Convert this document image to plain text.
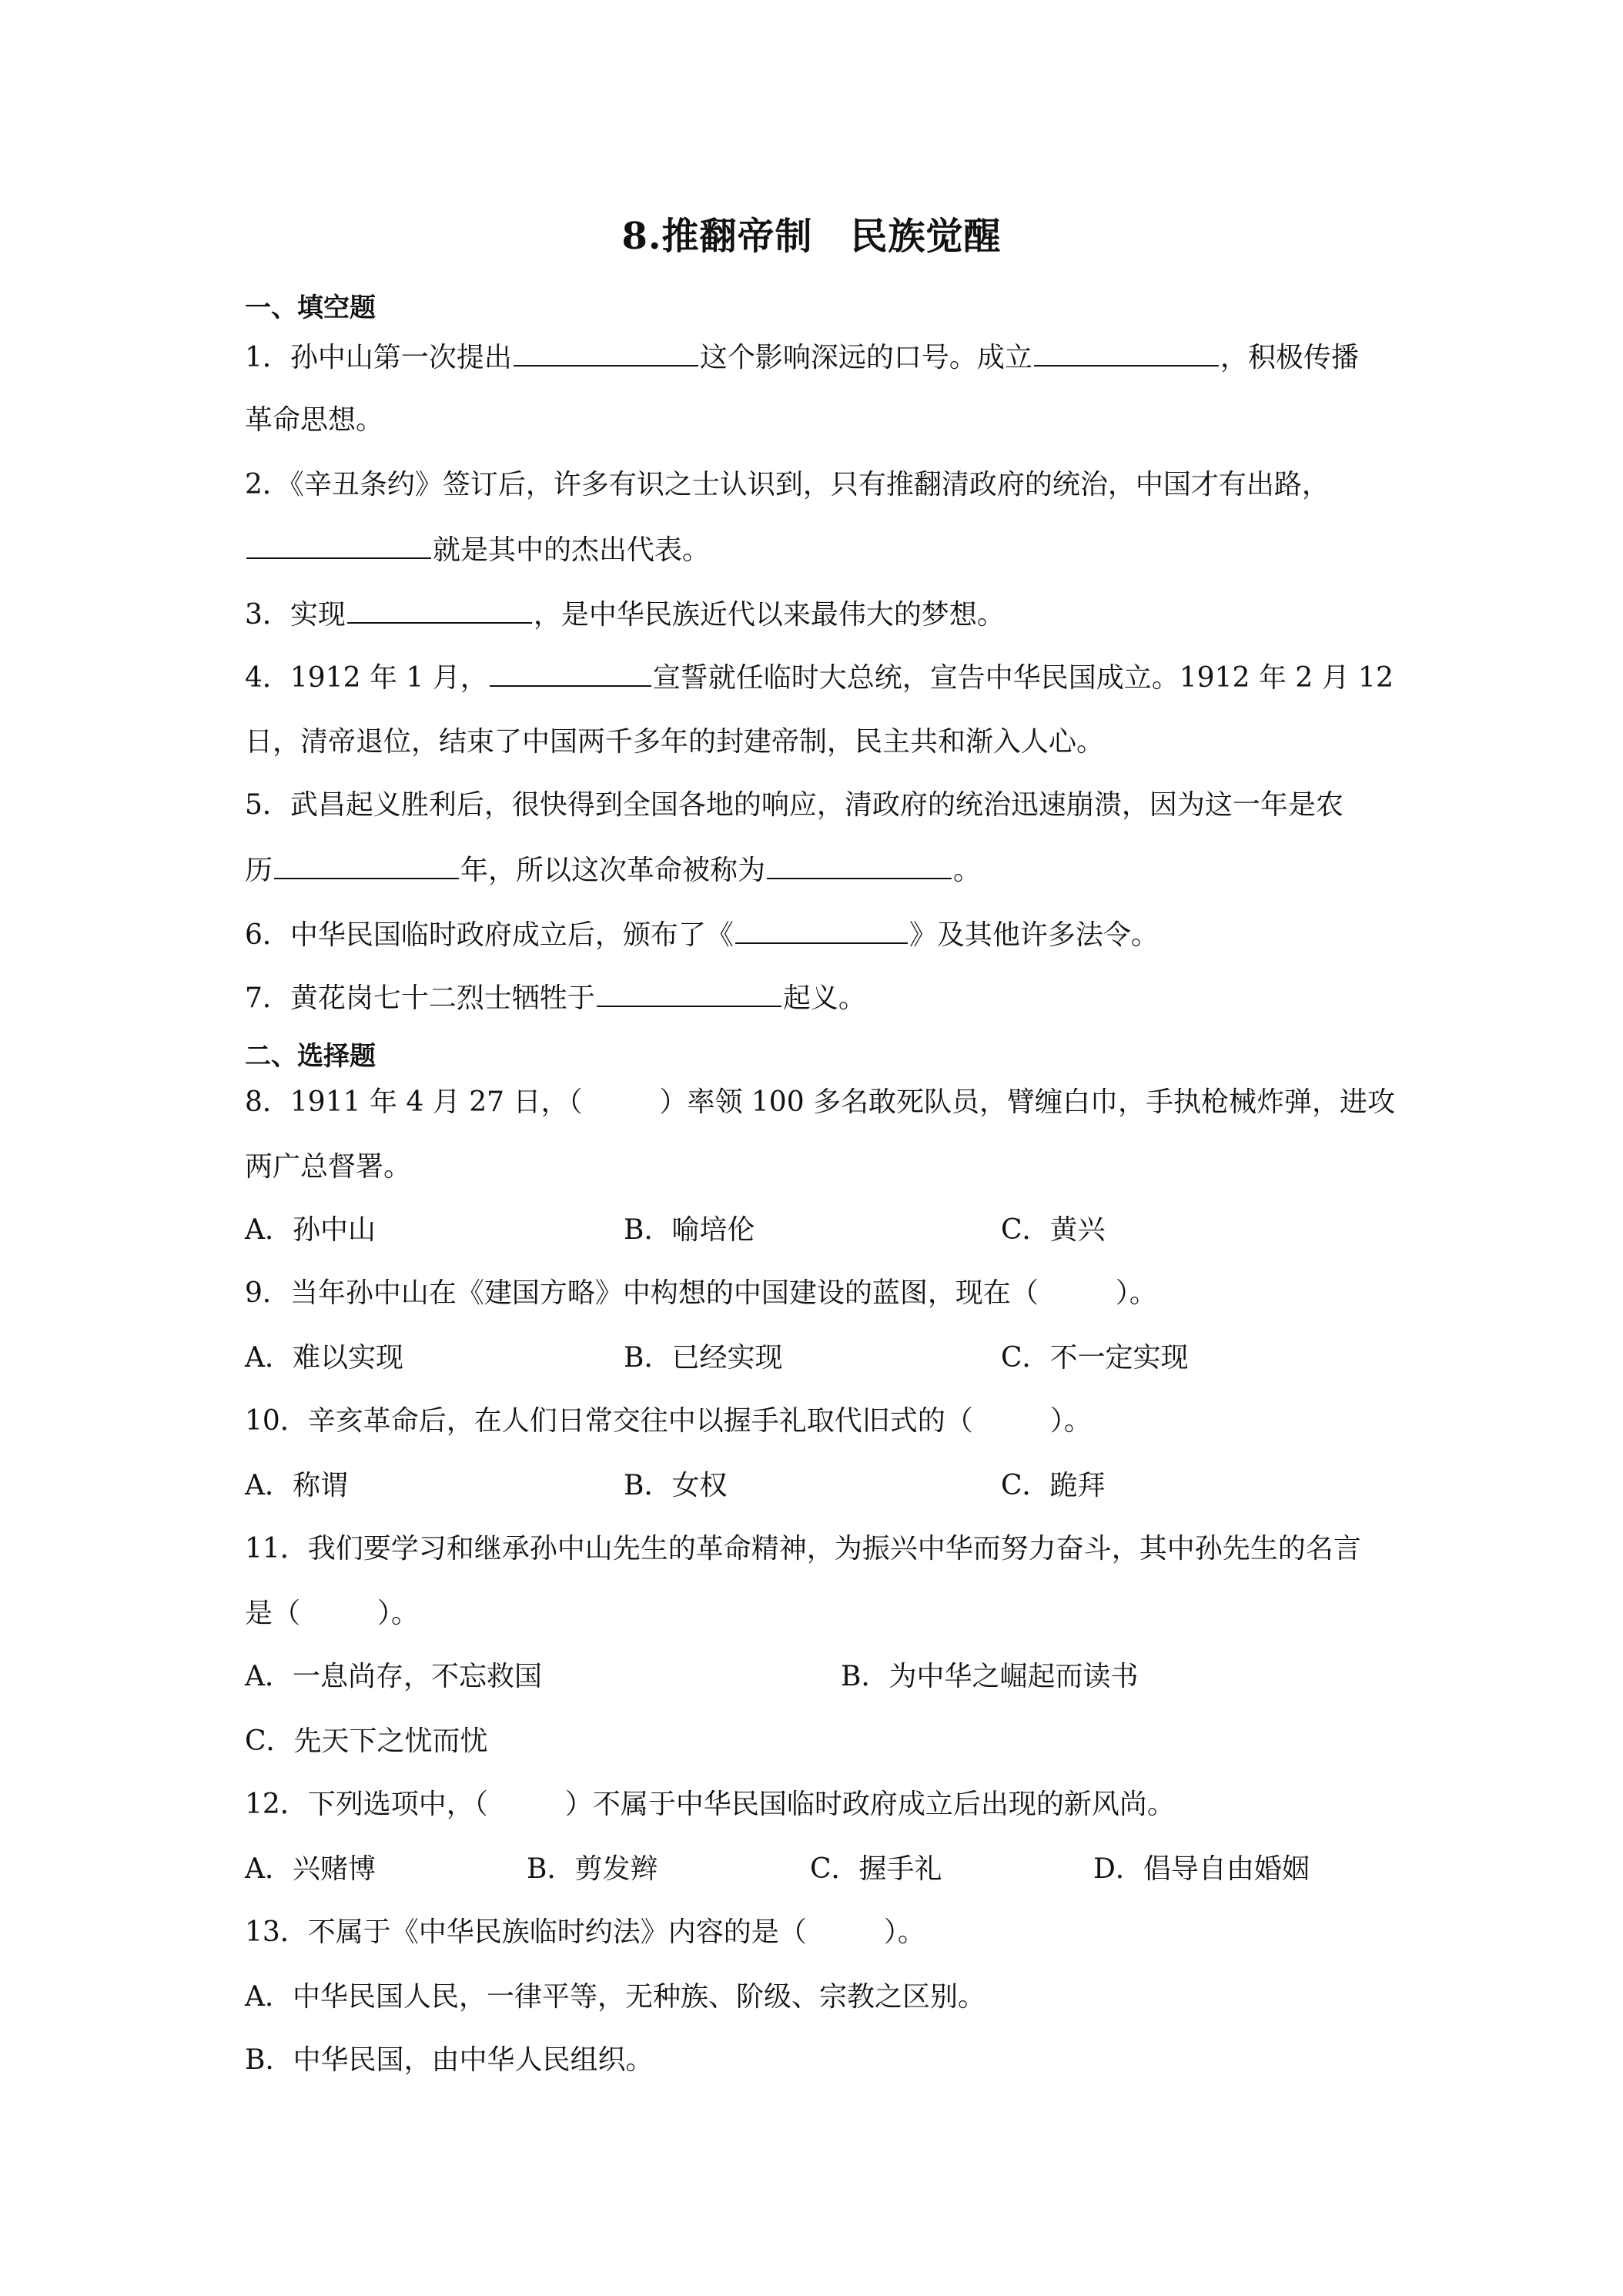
8.推翻帝制　民族觉醒
一、填空题
1．孙中山第一次提出	这个影响深远的口号。成立	，积极传播
革命思想。
2．《辛丑条约》签订后，许多有识之士认识到，只有推翻清政府的统治，中国才有出路，
就是其中的杰出代表。
3．实现	，是中华民族近代以来最伟大的梦想。
4．1912 年 1 月，	宣誓就任临时大总统，宣告中华民国成立。1912 年 2 月 12
日，清帝退位，结束了中国两千多年的封建帝制，民主共和渐入人心。
5．武昌起义胜利后，很快得到全国各地的响应，清政府的统治迅速崩溃，因为这一年是农
历	年，所以这次革命被称为	。
6．中华民国临时政府成立后，颁布了《	》及其他许多法令。
7．黄花岗七十二烈士牺牲于	起义。
二、选择题
8．1911 年 4 月 27 日，（	）率领 100 多名敢死队员，臂缠白巾，手执枪械炸弹，进攻
两广总督署。
A．孙中山	B．喻培伦	C．黄兴
9．当年孙中山在《建国方略》中构想的中国建设的蓝图，现在（	）。
A．难以实现	B．已经实现	C．不一定实现
10．辛亥革命后，在人们日常交往中以握手礼取代旧式的（	）。
A．称谓	B．女权	C．跪拜
11．我们要学习和继承孙中山先生的革命精神，为振兴中华而努力奋斗，其中孙先生的名言
是（	）。
A．一息尚存，不忘救国	B．为中华之崛起而读书
C．先天下之忧而忧
12．下列选项中，（	）不属于中华民国临时政府成立后出现的新风尚。
A．兴赌博	B．剪发辫	C．握手礼	D．倡导自由婚姻
13．不属于《中华民族临时约法》内容的是（	）。
A．中华民国人民，一律平等，无种族、阶级、宗教之区别。
B．中华民国，由中华人民组织。
